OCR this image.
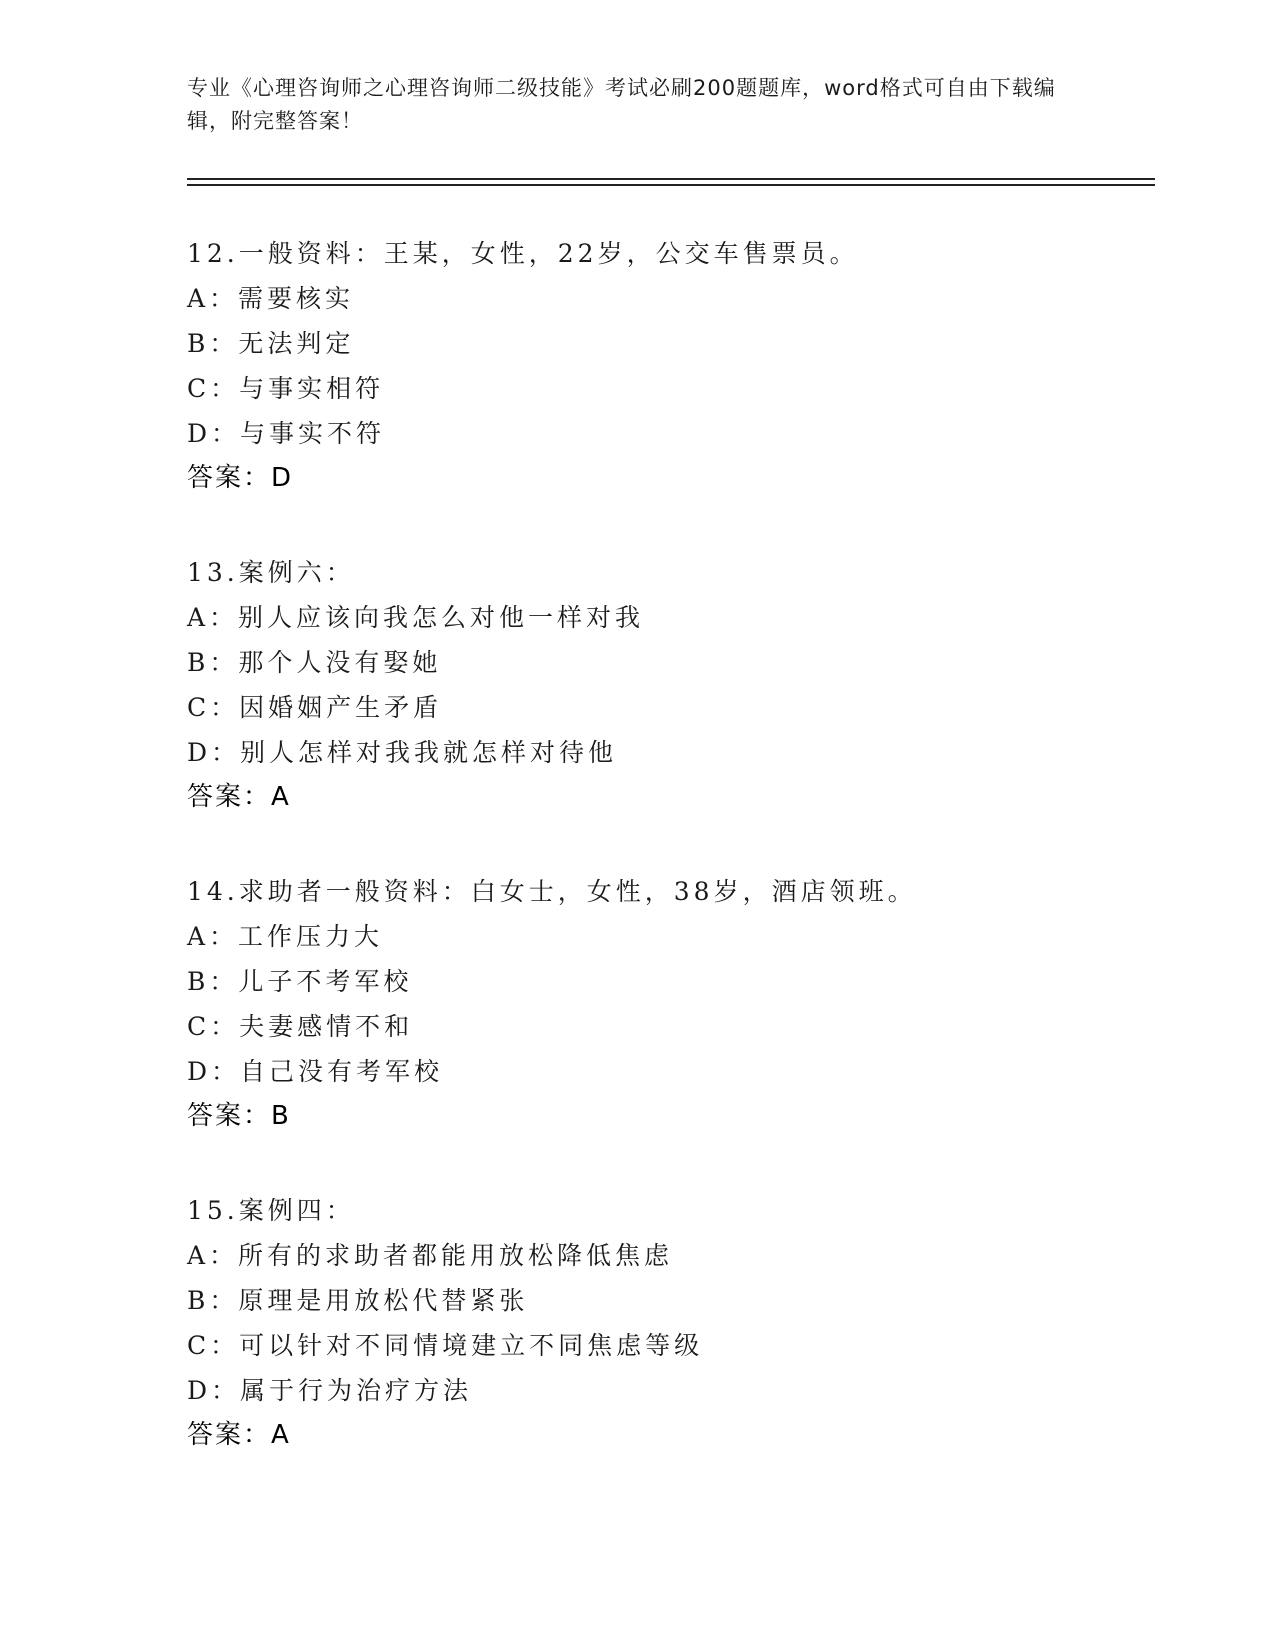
专业《心理咨询师之心理咨询师二级技能》考试必刷200题题库，word格式可自由下载编辑，附完整答案！
12.一般资料：王某，女性，22岁，公交车售票员。
A：需要核实
B：无法判定
C：与事实相符
D：与事实不符
答案：D
13.案例六：
A：别人应该向我怎么对他一样对我
B：那个人没有娶她
C：因婚姻产生矛盾
D：别人怎样对我我就怎样对待他
答案：A
14.求助者一般资料：白女士，女性，38岁，酒店领班。
A：工作压力大
B：儿子不考军校
C：夫妻感情不和
D：自己没有考军校
答案：B
15.案例四：
A：所有的求助者都能用放松降低焦虑
B：原理是用放松代替紧张
C：可以针对不同情境建立不同焦虑等级
D：属于行为治疗方法
答案：A
